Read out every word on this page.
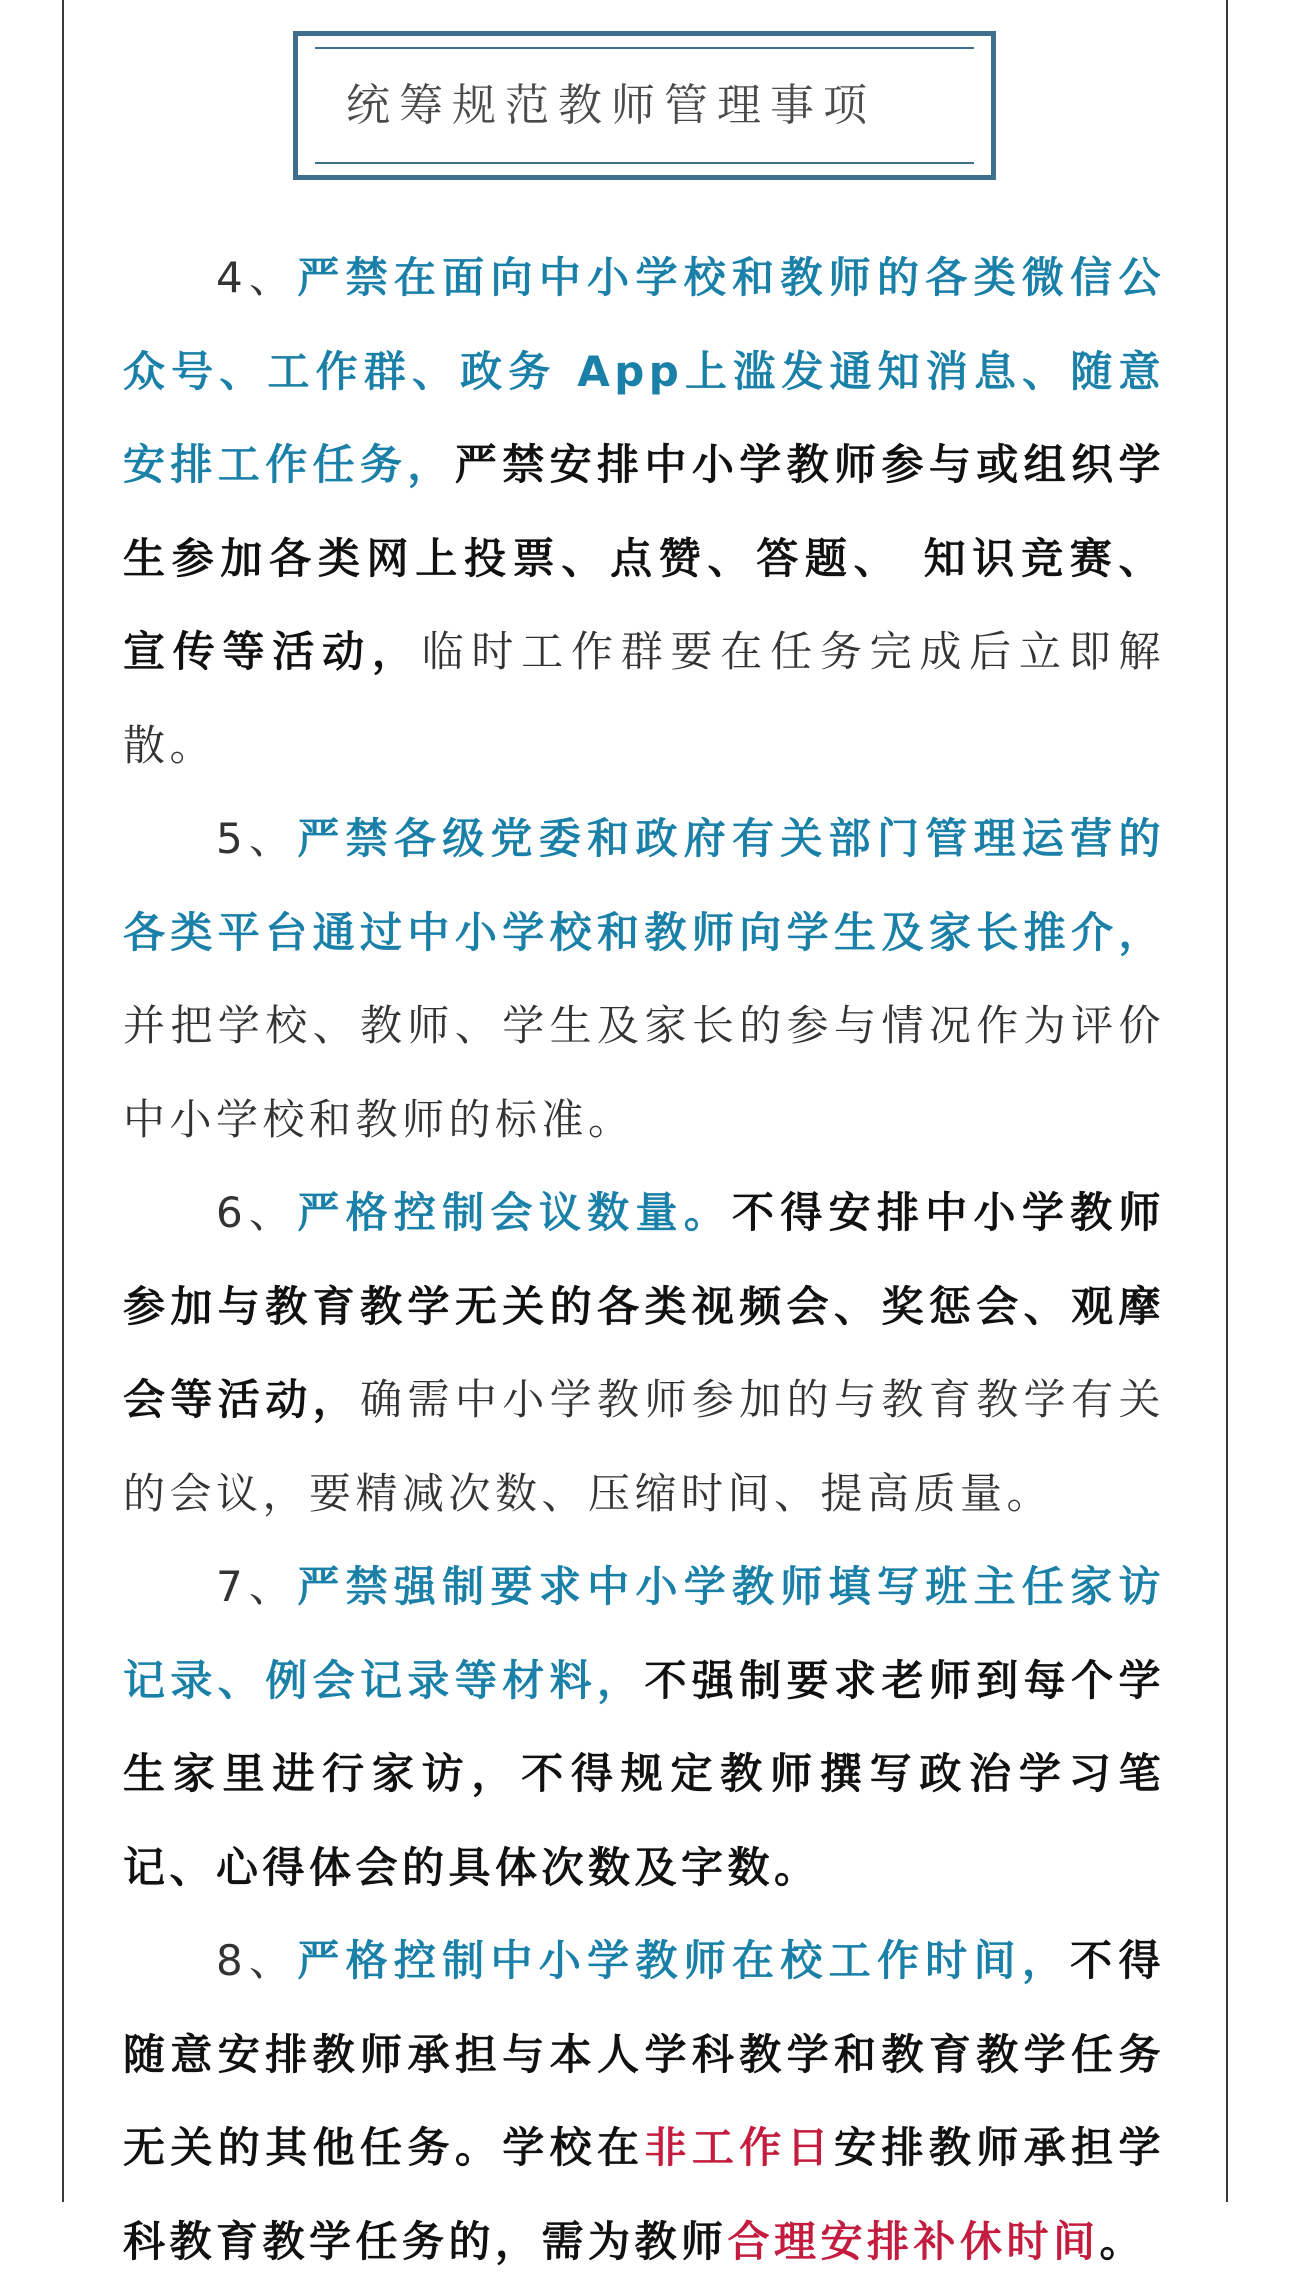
统筹规范教师管理事项

4、严禁在面向中小学校和教师的各类微信公众号、工作群、政务 App上滥发通知消息、随意安排工作任务，严禁安排中小学教师参与或组织学生参加各类网上投票、点赞、答题、 知识竞赛、宣传等活动，临时工作群要在任务完成后立即解散。

5、严禁各级党委和政府有关部门管理运营的各类平台通过中小学校和教师向学生及家长推介，并把学校、教师、学生及家长的参与情况作为评价中小学校和教师的标准。

6、严格控制会议数量。不得安排中小学教师参加与教育教学无关的各类视频会、奖惩会、观摩会等活动，确需中小学教师参加的与教育教学有关的会议，要精减次数、压缩时间、提高质量。

7、严禁强制要求中小学教师填写班主任家访记录、例会记录等材料，不强制要求老师到每个学生家里进行家访，不得规定教师撰写政治学习笔记、心得体会的具体次数及字数。

8、严格控制中小学教师在校工作时间，不得随意安排教师承担与本人学科教学和教育教学任务无关的其他任务。学校在非工作日安排教师承担学科教育教学任务的，需为教师合理安排补休时间。
